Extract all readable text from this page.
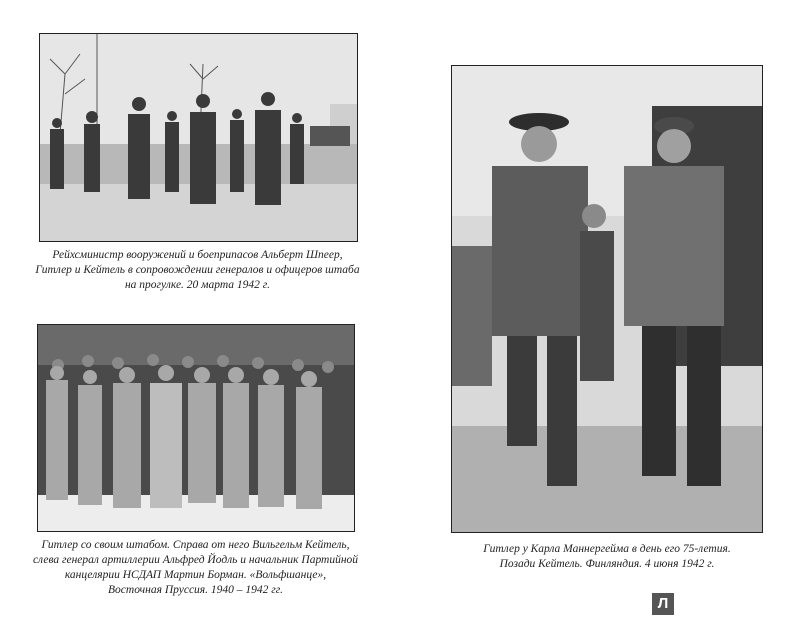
Рейхсминистр вооружений и боеприпасов Альберт Шпеер,
Гитлер и Кейтель в сопровождении генералов и офицеров штаба
на прогулке. 20 марта 1942 г.

Гитлер со своим штабом. Справа от него Вильгельм Кейтель,
слева генерал артиллерии Альфред Йодль и начальник Партийной
канцелярии НСДАП Мартин Борман. «Вольфшанце»,
Восточная Пруссия. 1940 – 1942 гг.

Гитлер у Карла Маннергейма в день его 75-летия.
Позади Кейтель. Финляндия. 4 июня 1942 г.

Л
